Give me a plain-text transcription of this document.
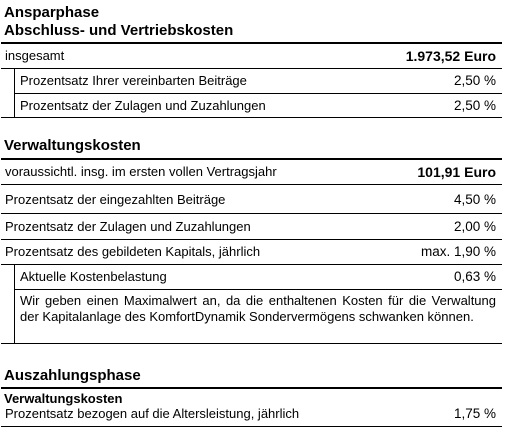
Ansparphase
Abschluss- und Vertriebskosten
insgesamt	1.973,52 Euro
Prozentsatz Ihrer vereinbarten Beiträge	2,50 %
Prozentsatz der Zulagen und Zuzahlungen	2,50 %
Verwaltungskosten
voraussichtl. insg. im ersten vollen Vertragsjahr	101,91 Euro
Prozentsatz der eingezahlten Beiträge	4,50 %
Prozentsatz der Zulagen und Zuzahlungen	2,00 %
Prozentsatz des gebildeten Kapitals, jährlich	max. 1,90 %
Aktuelle Kostenbelastung	0,63 %
Wir geben einen Maximalwert an, da die enthaltenen Kosten für die Verwaltung der Kapitalanlage des KomfortDynamik Sondervermögens schwanken können.
Auszahlungsphase
Verwaltungskosten
Prozentsatz bezogen auf die Altersleistung, jährlich	1,75 %
